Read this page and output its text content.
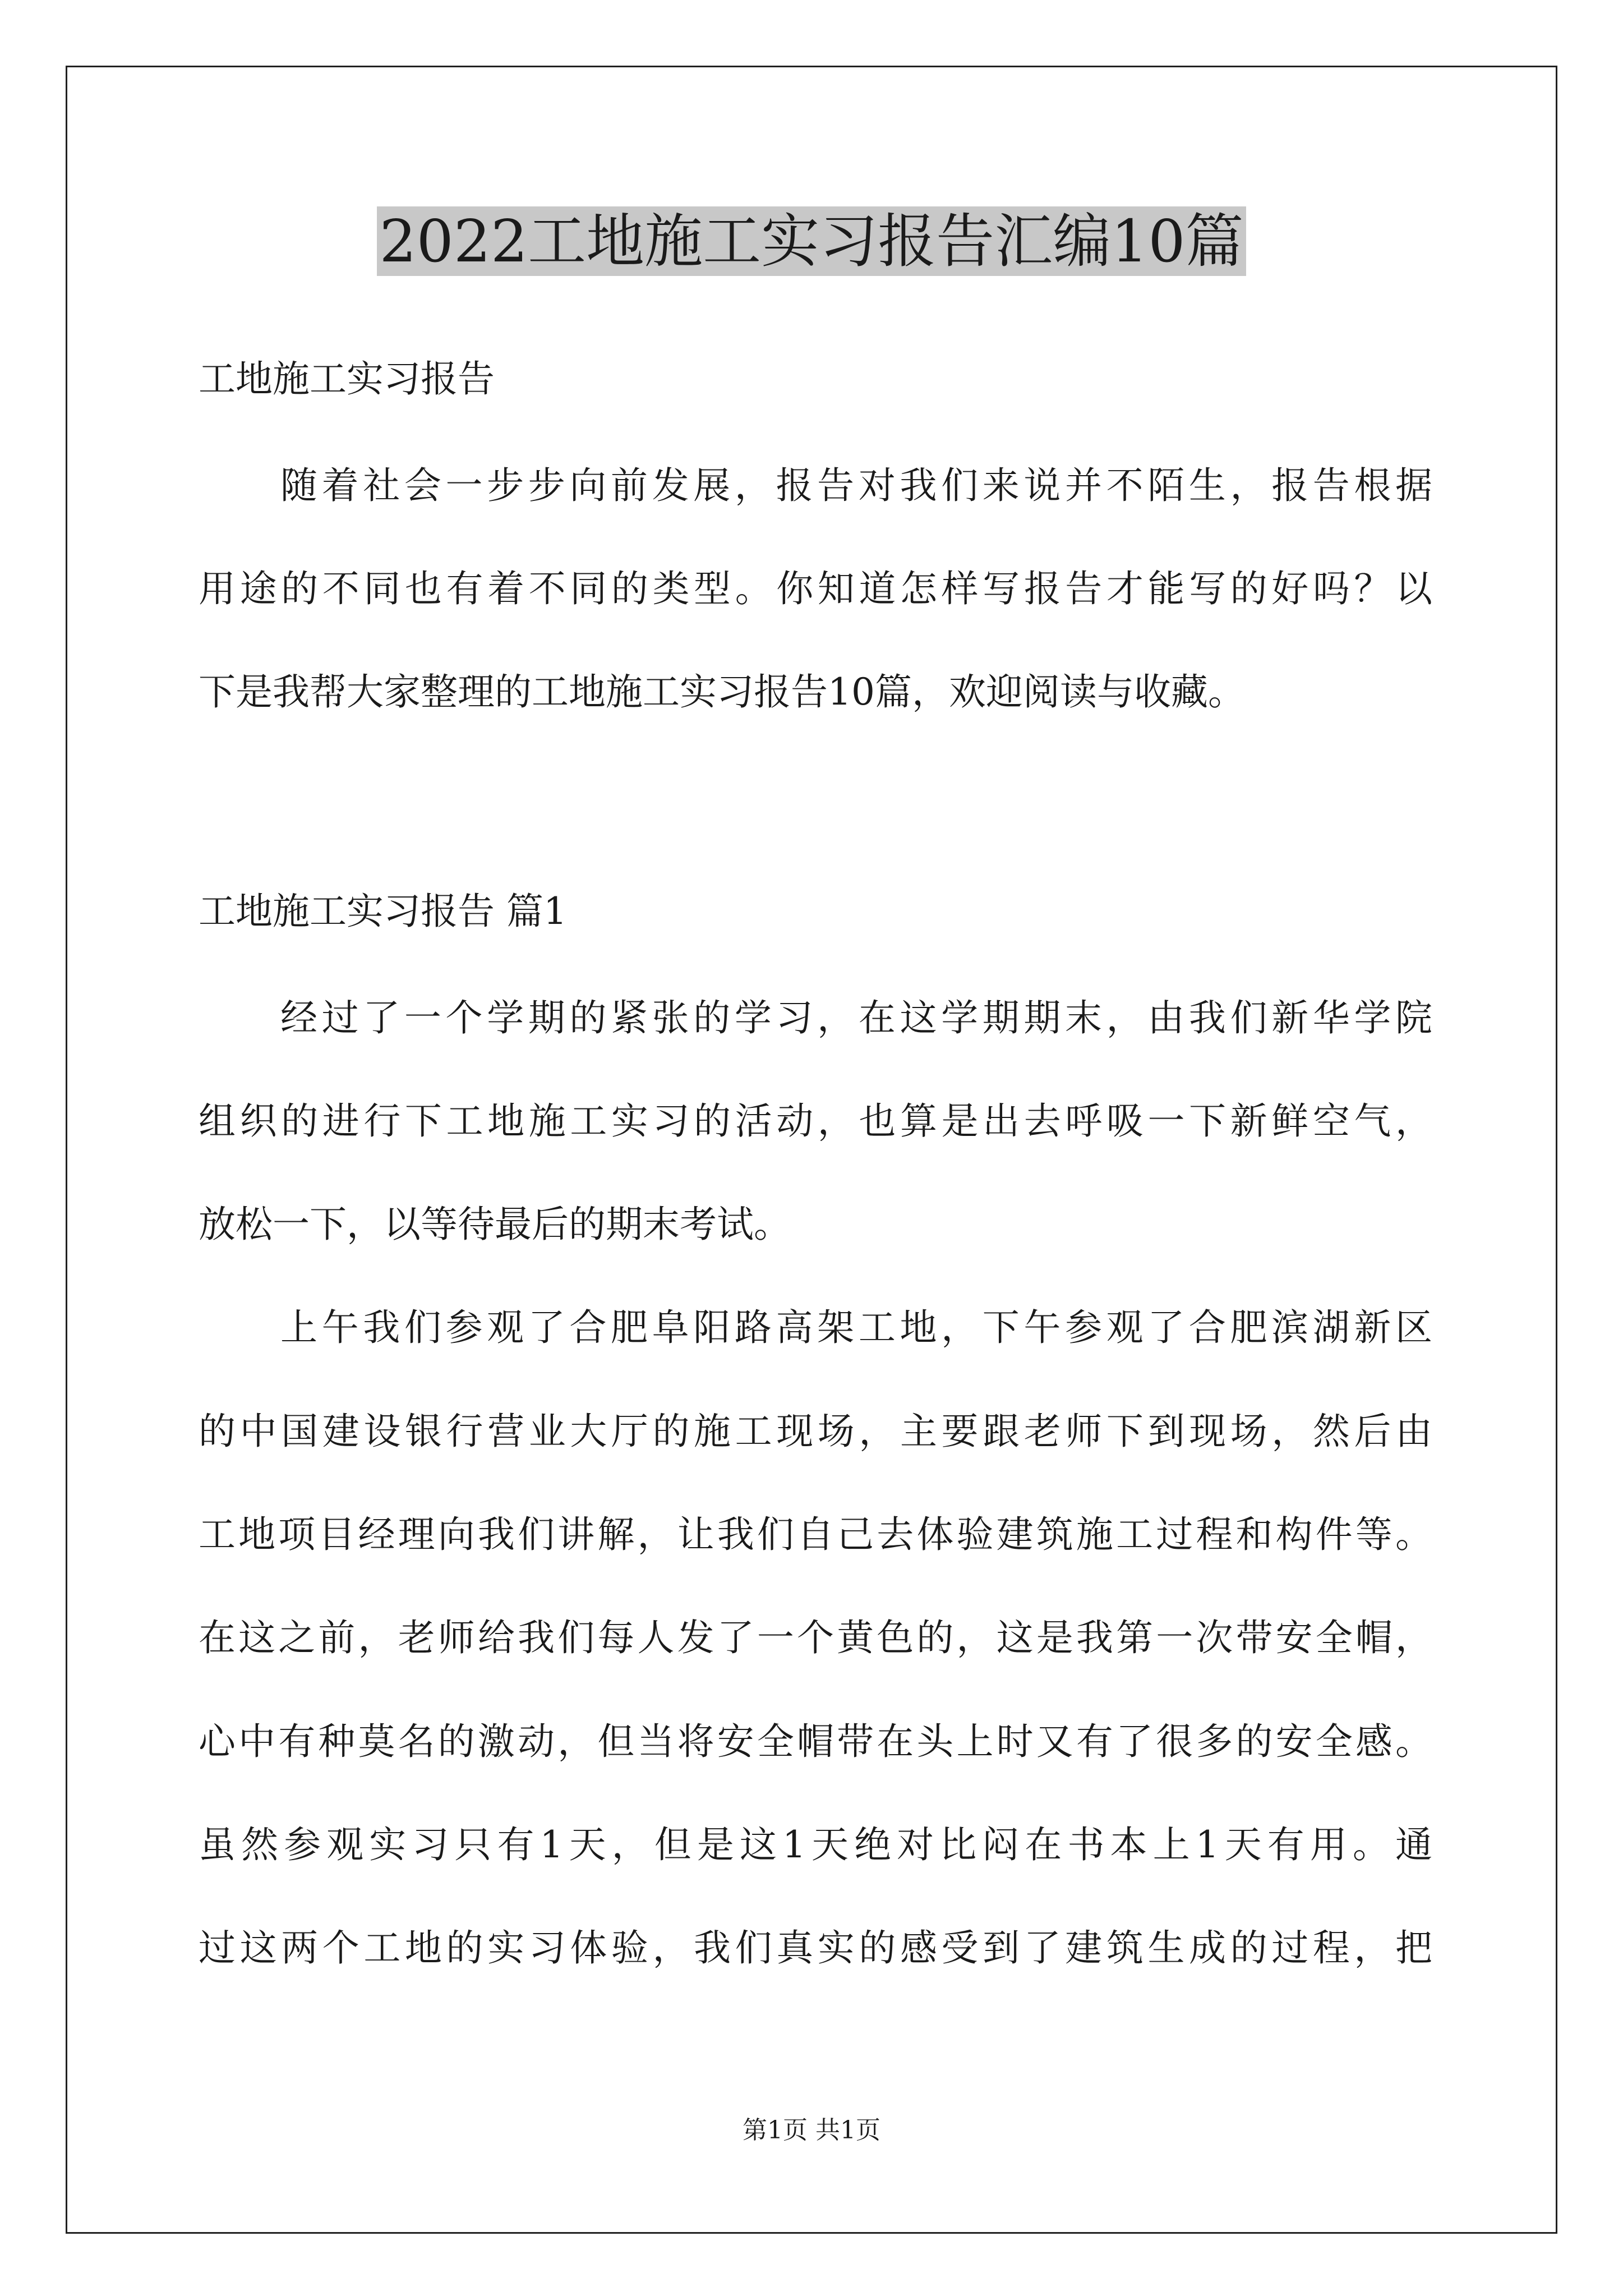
2022工地施工实习报告汇编10篇
工地施工实习报告
随着社会一步步向前发展，报告对我们来说并不陌生，报告根据
用途的不同也有着不同的类型。你知道怎样写报告才能写的好吗？以
下是我帮大家整理的工地施工实习报告10篇，欢迎阅读与收藏。
工地施工实习报告 篇1
经过了一个学期的紧张的学习，在这学期期末，由我们新华学院
组织的进行下工地施工实习的活动，也算是出去呼吸一下新鲜空气，
放松一下，以等待最后的期末考试。
上午我们参观了合肥阜阳路高架工地，下午参观了合肥滨湖新区
的中国建设银行营业大厅的施工现场，主要跟老师下到现场，然后由
工地项目经理向我们讲解，让我们自己去体验建筑施工过程和构件等。
在这之前，老师给我们每人发了一个黄色的，这是我第一次带安全帽，
心中有种莫名的激动，但当将安全帽带在头上时又有了很多的安全感。
虽然参观实习只有1天，但是这1天绝对比闷在书本上1天有用。通
过这两个工地的实习体验，我们真实的感受到了建筑生成的过程，把
第1页 共1页
